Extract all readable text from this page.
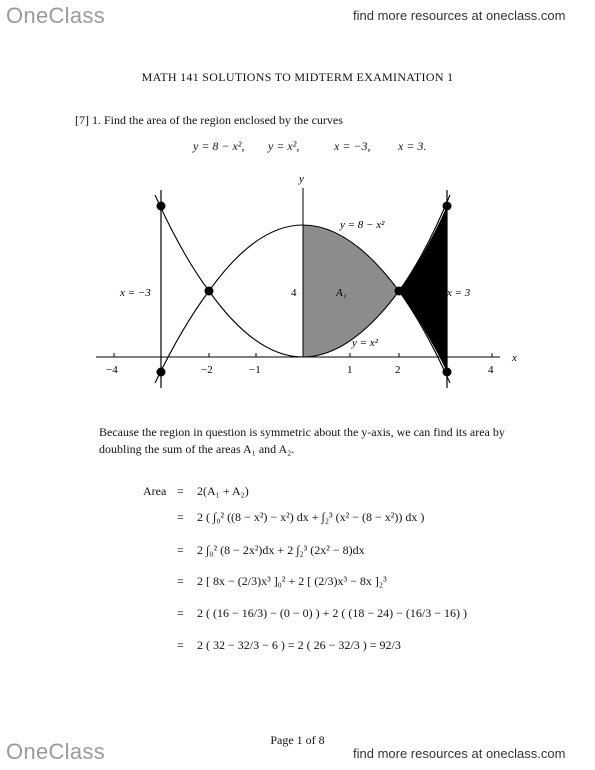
OneClass	find more resources at oneclass.com
MATH 141 SOLUTIONS TO MIDTERM EXAMINATION 1
[7] 1. Find the area of the region enclosed by the curves
y = 8 − x², y = x²,	x = −3, x = 3.
y
x
−4	−2	−1	1	2	4
x = −3	x = 3
y = 8 − x²
y = x²
4	A₁
Because the region in question is symmetric about the y-axis, we can find its area by doubling the sum of the areas A₁ and A₂.
Area = 2(A₁ + A₂)
= 2 ( ∫₀² ((8 − x²) − x²) dx + ∫₂³ (x² − (8 − x²)) dx )
= 2 ∫₀² (8 − 2x²)dx + 2 ∫₂³ (2x² − 8)dx
= 2 [ 8x − (2/3)x³ ]₀² + 2 [ (2/3)x³ − 8x ]₂³
= 2 ( (16 − 16/3) − (0 − 0) ) + 2 ( (18 − 24) − (16/3 − 16) )
= 2 ( 32 − 32/3 − 6 ) = 2 ( 26 − 32/3 ) = 92/3
Page 1 of 8
OneClass	find more resources at oneclass.com
